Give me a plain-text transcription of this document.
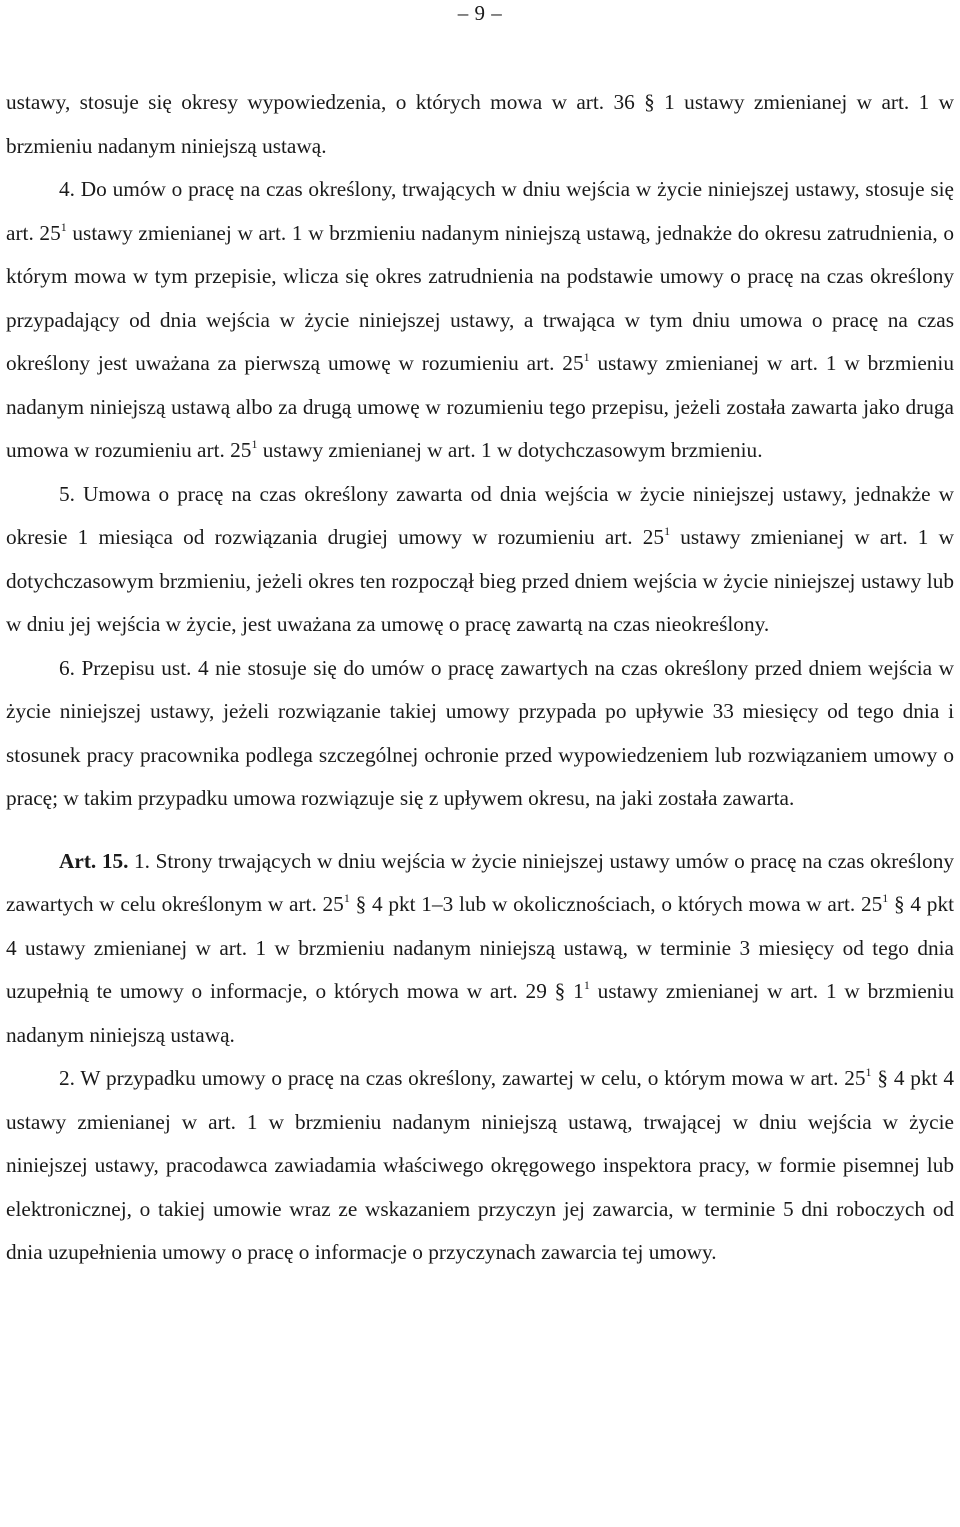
– 9 –

ustawy, stosuje się okresy wypowiedzenia, o których mowa w art. 36 § 1 ustawy zmienianej w art. 1 w brzmieniu nadanym niniejszą ustawą.

4. Do umów o pracę na czas określony, trwających w dniu wejścia w życie niniejszej ustawy, stosuje się art. $25^1$ ustawy zmienianej w art. 1 w brzmieniu nadanym niniejszą ustawą, jednakże do okresu zatrudnienia, o którym mowa w tym przepisie, wlicza się okres zatrudnienia na podstawie umowy o pracę na czas określony przypadający od dnia wejścia w życie niniejszej ustawy, a trwająca w tym dniu umowa o pracę na czas określony jest uważana za pierwszą umowę w rozumieniu art. $25^1$ ustawy zmienianej w art. 1 w brzmieniu nadanym niniejszą ustawą albo za drugą umowę w rozumieniu tego przepisu, jeżeli została zawarta jako druga umowa w rozumieniu art. $25^1$ ustawy zmienianej w art. 1 w dotychczasowym brzmieniu.

5. Umowa o pracę na czas określony zawarta od dnia wejścia w życie niniejszej ustawy, jednakże w okresie 1 miesiąca od rozwiązania drugiej umowy w rozumieniu art. $25^1$ ustawy zmienianej w art. 1 w dotychczasowym brzmieniu, jeżeli okres ten rozpoczął bieg przed dniem wejścia w życie niniejszej ustawy lub w dniu jej wejścia w życie, jest uważana za umowę o pracę zawartą na czas nieokreślony.

6. Przepisu ust. 4 nie stosuje się do umów o pracę zawartych na czas określony przed dniem wejścia w życie niniejszej ustawy, jeżeli rozwiązanie takiej umowy przypada po upływie 33 miesięcy od tego dnia i stosunek pracy pracownika podlega szczególnej ochronie przed wypowiedzeniem lub rozwiązaniem umowy o pracę; w takim przypadku umowa rozwiązuje się z upływem okresu, na jaki została zawarta.

Art. 15. 1. Strony trwających w dniu wejścia w życie niniejszej ustawy umów o pracę na czas określony zawartych w celu określonym w art. $25^1$ § 4 pkt 1–3 lub w okolicznościach, o których mowa w art. $25^1$ § 4 pkt 4 ustawy zmienianej w art. 1 w brzmieniu nadanym niniejszą ustawą, w terminie 3 miesięcy od tego dnia uzupełnią te umowy o informacje, o których mowa w art. 29 § $1^1$ ustawy zmienianej w art. 1 w brzmieniu nadanym niniejszą ustawą.

2. W przypadku umowy o pracę na czas określony, zawartej w celu, o którym mowa w art. $25^1$ § 4 pkt 4 ustawy zmienianej w art. 1 w brzmieniu nadanym niniejszą ustawą, trwającej w dniu wejścia w życie niniejszej ustawy, pracodawca zawiadamia właściwego okręgowego inspektora pracy, w formie pisemnej lub elektronicznej, o takiej umowie wraz ze wskazaniem przyczyn jej zawarcia, w terminie 5 dni roboczych od dnia uzupełnienia umowy o pracę o informacje o przyczynach zawarcia tej umowy.
